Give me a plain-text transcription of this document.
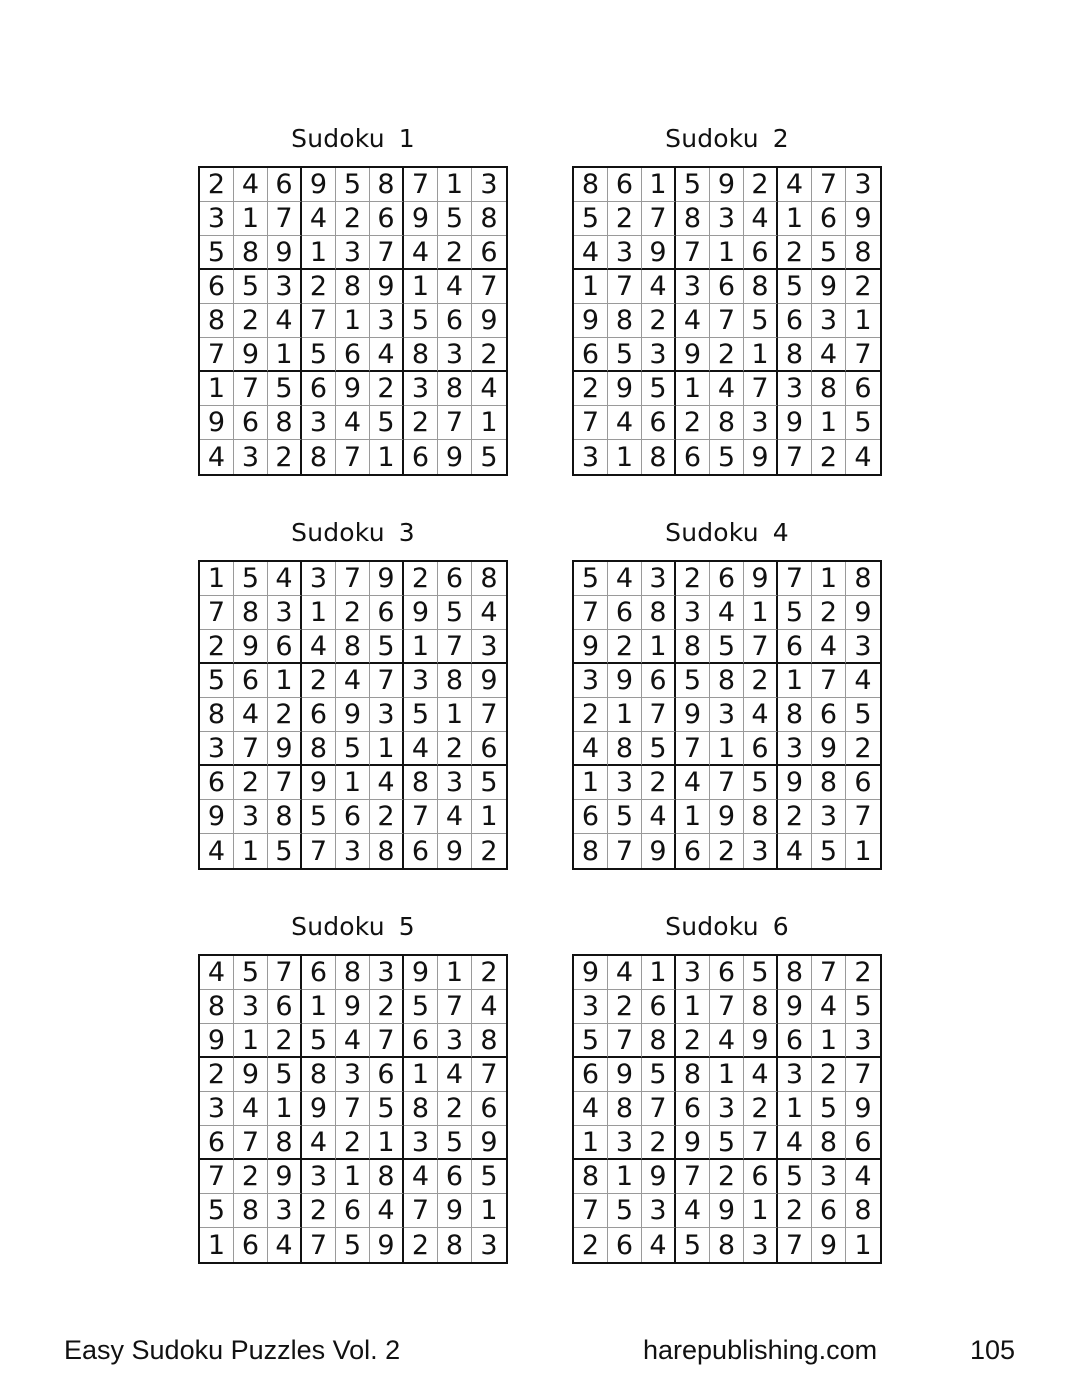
Sudoku 1
2 4 6 9 5 8 7 1 3
3 1 7 4 2 6 9 5 8
5 8 9 1 3 7 4 2 6
6 5 3 2 8 9 1 4 7
8 2 4 7 1 3 5 6 9
7 9 1 5 6 4 8 3 2
1 7 5 6 9 2 3 8 4
9 6 8 3 4 5 2 7 1
4 3 2 8 7 1 6 9 5
Sudoku 2
8 6 1 5 9 2 4 7 3
5 2 7 8 3 4 1 6 9
4 3 9 7 1 6 2 5 8
1 7 4 3 6 8 5 9 2
9 8 2 4 7 5 6 3 1
6 5 3 9 2 1 8 4 7
2 9 5 1 4 7 3 8 6
7 4 6 2 8 3 9 1 5
3 1 8 6 5 9 7 2 4
Sudoku 3
1 5 4 3 7 9 2 6 8
7 8 3 1 2 6 9 5 4
2 9 6 4 8 5 1 7 3
5 6 1 2 4 7 3 8 9
8 4 2 6 9 3 5 1 7
3 7 9 8 5 1 4 2 6
6 2 7 9 1 4 8 3 5
9 3 8 5 6 2 7 4 1
4 1 5 7 3 8 6 9 2
Sudoku 4
5 4 3 2 6 9 7 1 8
7 6 8 3 4 1 5 2 9
9 2 1 8 5 7 6 4 3
3 9 6 5 8 2 1 7 4
2 1 7 9 3 4 8 6 5
4 8 5 7 1 6 3 9 2
1 3 2 4 7 5 9 8 6
6 5 4 1 9 8 2 3 7
8 7 9 6 2 3 4 5 1
Sudoku 5
4 5 7 6 8 3 9 1 2
8 3 6 1 9 2 5 7 4
9 1 2 5 4 7 6 3 8
2 9 5 8 3 6 1 4 7
3 4 1 9 7 5 8 2 6
6 7 8 4 2 1 3 5 9
7 2 9 3 1 8 4 6 5
5 8 3 2 6 4 7 9 1
1 6 4 7 5 9 2 8 3
Sudoku 6
9 4 1 3 6 5 8 7 2
3 2 6 1 7 8 9 4 5
5 7 8 2 4 9 6 1 3
6 9 5 8 1 4 3 2 7
4 8 7 6 3 2 1 5 9
1 3 2 9 5 7 4 8 6
8 1 9 7 2 6 5 3 4
7 5 3 4 9 1 2 6 8
2 6 4 5 8 3 7 9 1
Easy Sudoku Puzzles Vol. 2	harepublishing.com	105
